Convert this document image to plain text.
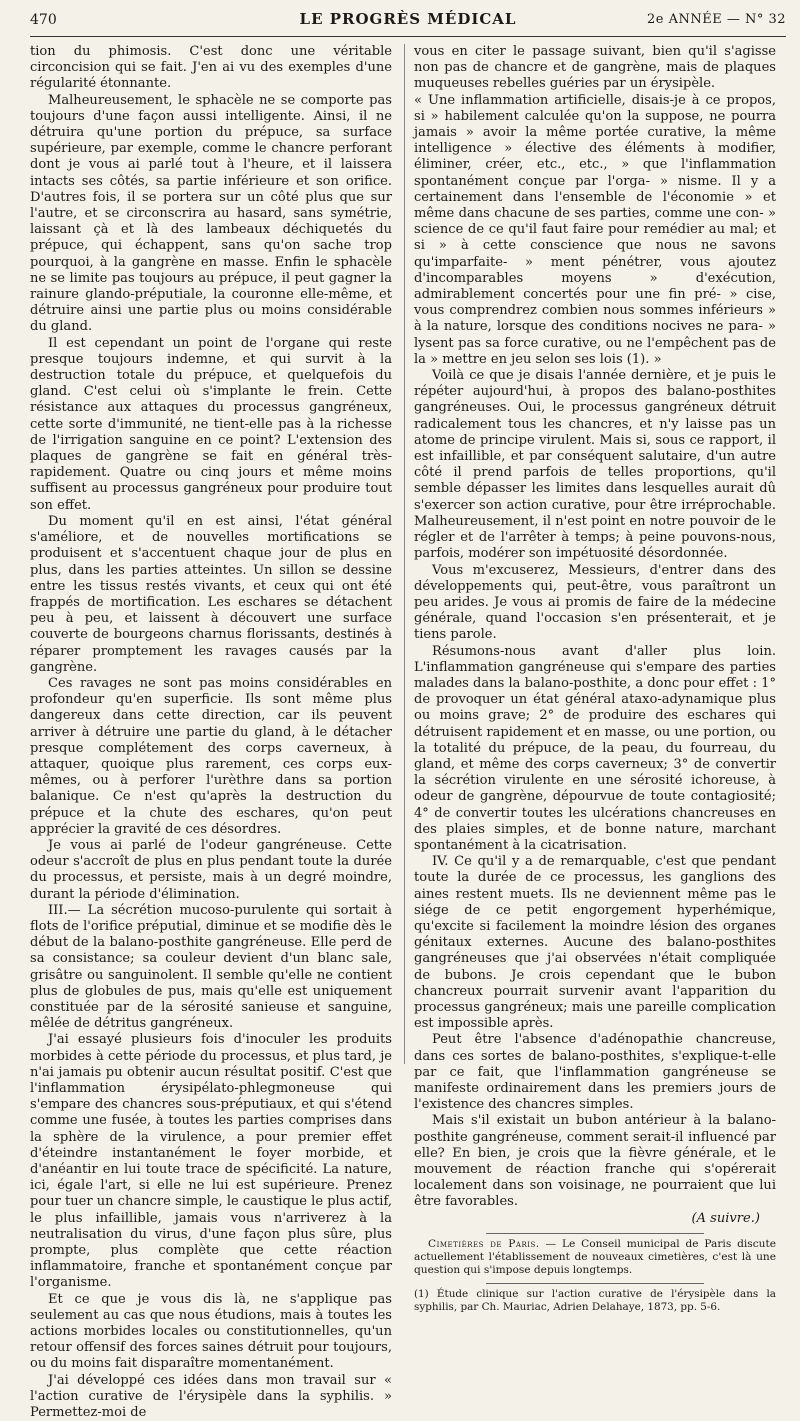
470	LE PROGRÈS MÉDICAL	2e ANNÉE — N° 32

tion du phimosis. C'est donc une véritable circoncision qui se fait. J'en ai vu des exemples d'une régularité étonnante.

Malheureusement, le sphacèle ne se comporte pas toujours d'une façon aussi intelligente. Ainsi, il ne détruira qu'une portion du prépuce, sa surface supérieure, par exemple, comme le chancre perforant dont je vous ai parlé tout à l'heure, et il laissera intacts ses côtés, sa partie inférieure et son orifice. D'autres fois, il se portera sur un côté plus que sur l'autre, et se circonscrira au hasard, sans symétrie, laissant çà et là des lambeaux déchiquetés du prépuce, qui échappent, sans qu'on sache trop pourquoi, à la gangrène en masse. Enfin le sphacèle ne se limite pas toujours au prépuce, il peut gagner la rainure glando-préputiale, la couronne elle-même, et détruire ainsi une partie plus ou moins considérable du gland.

Il est cependant un point de l'organe qui reste presque toujours indemne, et qui survit à la destruction totale du prépuce, et quelquefois du gland. C'est celui où s'implante le frein. Cette résistance aux attaques du processus gangréneux, cette sorte d'immunité, ne tient-elle pas à la richesse de l'irrigation sanguine en ce point? L'extension des plaques de gangrène se fait en général très-rapidement. Quatre ou cinq jours et même moins suffisent au processus gangréneux pour produire tout son effet.

Du moment qu'il en est ainsi, l'état général s'améliore, et de nouvelles mortifications se produisent et s'accentuent chaque jour de plus en plus, dans les parties atteintes. Un sillon se dessine entre les tissus restés vivants, et ceux qui ont été frappés de mortification. Les eschares se détachent peu à peu, et laissent à découvert une surface couverte de bourgeons charnus florissants, destinés à réparer promptement les ravages causés par la gangrène.

Ces ravages ne sont pas moins considérables en profondeur qu'en superficie. Ils sont même plus dangereux dans cette direction, car ils peuvent arriver à détruire une partie du gland, à le détacher presque complétement des corps caverneux, à attaquer, quoique plus rarement, ces corps eux-mêmes, ou à perforer l'urèthre dans sa portion balanique. Ce n'est qu'après la destruction du prépuce et la chute des eschares, qu'on peut apprécier la gravité de ces désordres.

Je vous ai parlé de l'odeur gangréneuse. Cette odeur s'accroît de plus en plus pendant toute la durée du processus, et persiste, mais à un degré moindre, durant la période d'élimination.

III.— La sécrétion mucoso-purulente qui sortait à flots de l'orifice préputial, diminue et se modifie dès le début de la balano-posthite gangréneuse. Elle perd de sa consistance; sa couleur devient d'un blanc sale, grisâtre ou sanguinolent. Il semble qu'elle ne contient plus de globules de pus, mais qu'elle est uniquement constituée par de la sérosité sanieuse et sanguine, mêlée de détritus gangréneux.

J'ai essayé plusieurs fois d'inoculer les produits morbides à cette période du processus, et plus tard, je n'ai jamais pu obtenir aucun résultat positif. C'est que l'inflammation érysipélato-phlegmoneuse qui s'empare des chancres sous-préputiaux, et qui s'étend comme une fusée, à toutes les parties comprises dans la sphère de la virulence, a pour premier effet d'éteindre instantanément le foyer morbide, et d'anéantir en lui toute trace de spécificité. La nature, ici, égale l'art, si elle ne lui est supérieure. Prenez pour tuer un chancre simple, le caustique le plus actif, le plus infaillible, jamais vous n'arriverez à la neutralisation du virus, d'une façon plus sûre, plus prompte, plus complète que cette réaction inflammatoire, franche et spontanément conçue par l'organisme.

Et ce que je vous dis là, ne s'applique pas seulement au cas que nous étudions, mais à toutes les actions morbides locales ou constitutionnelles, qu'un retour offensif des forces saines détruit pour toujours, ou du moins fait disparaître momentanément.

J'ai développé ces idées dans mon travail sur « l'action curative de l'érysipèle dans la syphilis. » Permettez-moi de

vous en citer le passage suivant, bien qu'il s'agisse non pas de chancre et de gangrène, mais de plaques muqueuses rebelles guéries par un érysipèle.

« Une inflammation artificielle, disais-je à ce propos, si » habilement calculée qu'on la suppose, ne pourra jamais » avoir la même portée curative, la même intelligence » élective des éléments à modifier, éliminer, créer, etc., etc., » que l'inflammation spontanément conçue par l'orga- » nisme. Il y a certainement dans l'ensemble de l'économie » et même dans chacune de ses parties, comme une con- » science de ce qu'il faut faire pour remédier au mal; et si » à cette conscience que nous ne savons qu'imparfaite- » ment pénétrer, vous ajoutez d'incomparables moyens » d'exécution, admirablement concertés pour une fin pré- » cise, vous comprendrez combien nous sommes inférieurs » à la nature, lorsque des conditions nocives ne para- » lysent pas sa force curative, ou ne l'empêchent pas de la » mettre en jeu selon ses lois (1). »

Voilà ce que je disais l'année dernière, et je puis le répéter aujourd'hui, à propos des balano-posthites gangréneuses. Oui, le processus gangréneux détruit radicalement tous les chancres, et n'y laisse pas un atome de principe virulent. Mais si, sous ce rapport, il est infaillible, et par conséquent salutaire, d'un autre côté il prend parfois de telles proportions, qu'il semble dépasser les limites dans lesquelles aurait dû s'exercer son action curative, pour être irréprochable. Malheureusement, il n'est point en notre pouvoir de le régler et de l'arrêter à temps; à peine pouvons-nous, parfois, modérer son impétuosité désordonnée.

Vous m'excuserez, Messieurs, d'entrer dans des développements qui, peut-être, vous paraîtront un peu arides. Je vous ai promis de faire de la médecine générale, quand l'occasion s'en présenterait, et je tiens parole.

Résumons-nous avant d'aller plus loin. L'inflammation gangréneuse qui s'empare des parties malades dans la balano-posthite, a donc pour effet : 1° de provoquer un état général ataxo-adynamique plus ou moins grave; 2° de produire des eschares qui détruisent rapidement et en masse, ou une portion, ou la totalité du prépuce, de la peau, du fourreau, du gland, et même des corps caverneux; 3° de convertir la sécrétion virulente en une sérosité ichoreuse, à odeur de gangrène, dépourvue de toute contagiosité; 4° de convertir toutes les ulcérations chancreuses en des plaies simples, et de bonne nature, marchant spontanément à la cicatrisation.

IV. Ce qu'il y a de remarquable, c'est que pendant toute la durée de ce processus, les ganglions des aines restent muets. Ils ne deviennent même pas le siége de ce petit engorgement hyperhémique, qu'excite si facilement la moindre lésion des organes génitaux externes. Aucune des balano-posthites gangréneuses que j'ai observées n'était compliquée de bubons. Je crois cependant que le bubon chancreux pourrait survenir avant l'apparition du processus gangréneux; mais une pareille complication est impossible après.

Peut être l'absence d'adénopathie chancreuse, dans ces sortes de balano-posthites, s'explique-t-elle par ce fait, que l'inflammation gangréneuse se manifeste ordinairement dans les premiers jours de l'existence des chancres simples.

Mais s'il existait un bubon antérieur à la balano-posthite gangréneuse, comment serait-il influencé par elle? En bien, je crois que la fièvre générale, et le mouvement de réaction franche qui s'opérerait localement dans son voisinage, ne pourraient que lui être favorables.

(A suivre.)

Cimetières de Paris. — Le Conseil municipal de Paris discute actuellement l'établissement de nouveaux cimetières, c'est là une question qui s'impose depuis longtemps.

(1) Étude clinique sur l'action curative de l'érysipèle dans la syphilis, par Ch. Mauriac, Adrien Delahaye, 1873, pp. 5-6.
